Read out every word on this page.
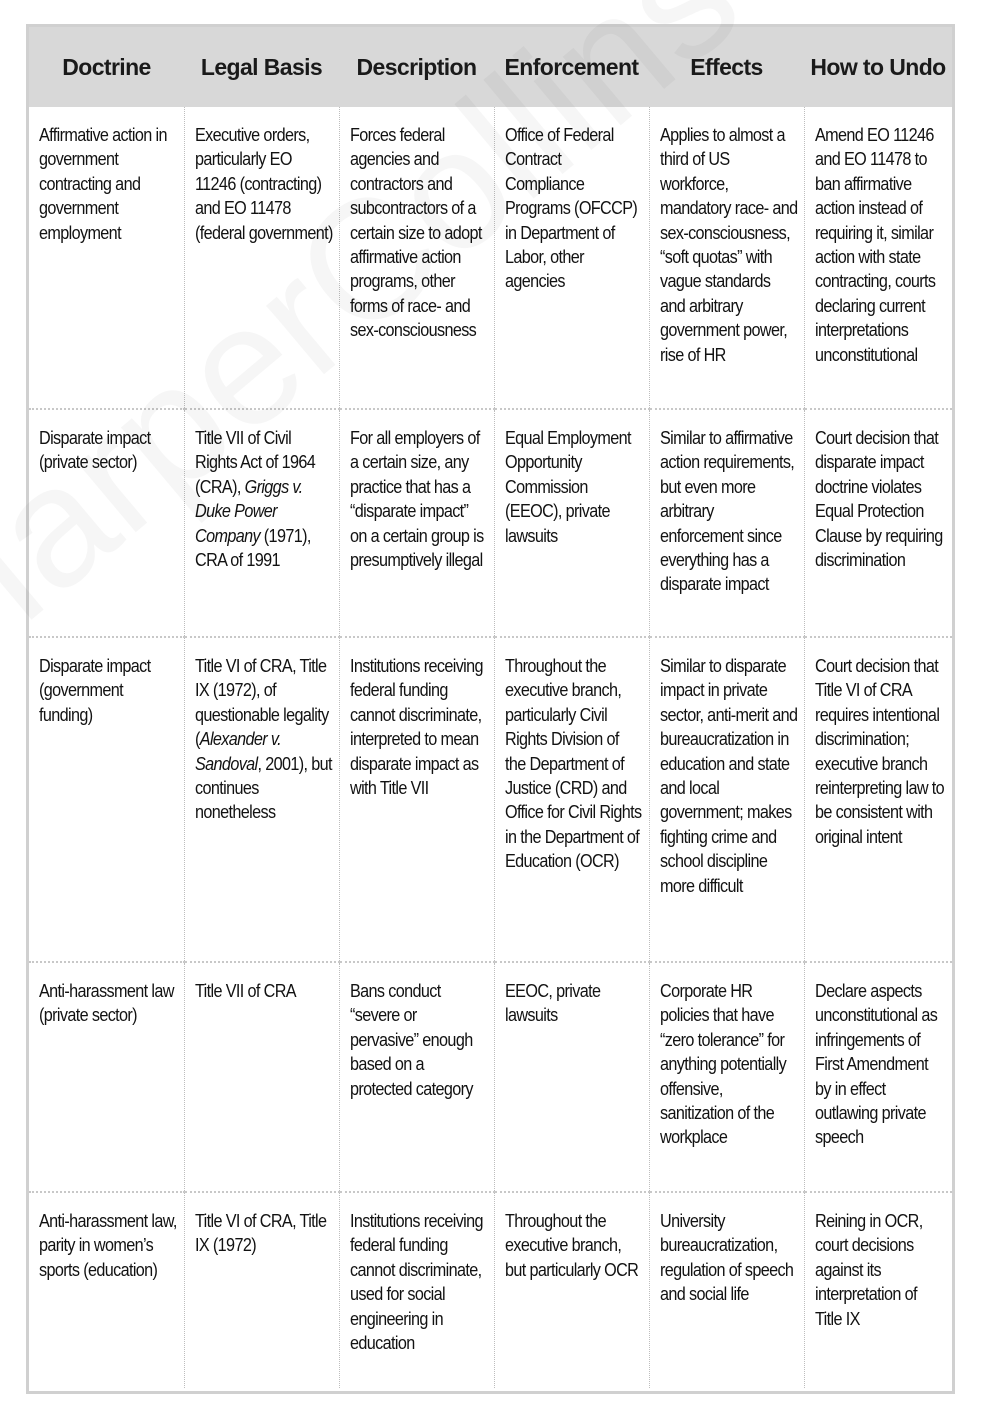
Doctrine	Legal Basis	Description	Enforcement	Effects	How to Undo
Affirmative action in government contracting and government employment	Executive orders, particularly EO 11246 (contracting) and EO 11478 (federal government)	Forces federal agencies and contractors and subcontractors of a certain size to adopt affirmative action programs, other forms of race- and sex-consciousness	Office of Federal Contract Compliance Programs (OFCCP) in Department of Labor, other agencies	Applies to almost a third of US workforce, mandatory race- and sex-consciousness, “soft quotas” with vague standards and arbitrary government power, rise of HR	Amend EO 11246 and EO 11478 to ban affirmative action instead of requiring it, similar action with state contracting, courts declaring current interpretations unconstitutional
Disparate impact (private sector)	Title VII of Civil Rights Act of 1964 (CRA), Griggs v. Duke Power Company (1971), CRA of 1991	For all employers of a certain size, any practice that has a “disparate impact” on a certain group is presumptively illegal	Equal Employment Opportunity Commission (EEOC), private lawsuits	Similar to affirmative action requirements, but even more arbitrary enforcement since everything has a disparate impact	Court decision that disparate impact doctrine violates Equal Protection Clause by requiring discrimination
Disparate impact (government funding)	Title VI of CRA, Title IX (1972), of questionable legality (Alexander v. Sandoval, 2001), but continues nonetheless	Institutions receiving federal funding cannot discriminate, interpreted to mean disparate impact as with Title VII	Throughout the executive branch, particularly Civil Rights Division of the Department of Justice (CRD) and Office for Civil Rights in the Department of Education (OCR)	Similar to disparate impact in private sector, anti-merit and bureaucratization in education and state and local government; makes fighting crime and school discipline more difficult	Court decision that Title VI of CRA requires intentional discrimination; executive branch reinterpreting law to be consistent with original intent
Anti-harassment law (private sector)	Title VII of CRA	Bans conduct “severe or pervasive” enough based on a protected category	EEOC, private lawsuits	Corporate HR policies that have “zero tolerance” for anything potentially offensive, sanitization of the workplace	Declare aspects unconstitutional as infringements of First Amendment by in effect outlawing private speech
Anti-harassment law, parity in women’s sports (education)	Title VI of CRA, Title IX (1972)	Institutions receiving federal funding cannot discriminate, used for social engineering in education	Throughout the executive branch, but particularly OCR	University bureaucratization, regulation of speech and social life	Reining in OCR, court decisions against its interpretation of Title IX
